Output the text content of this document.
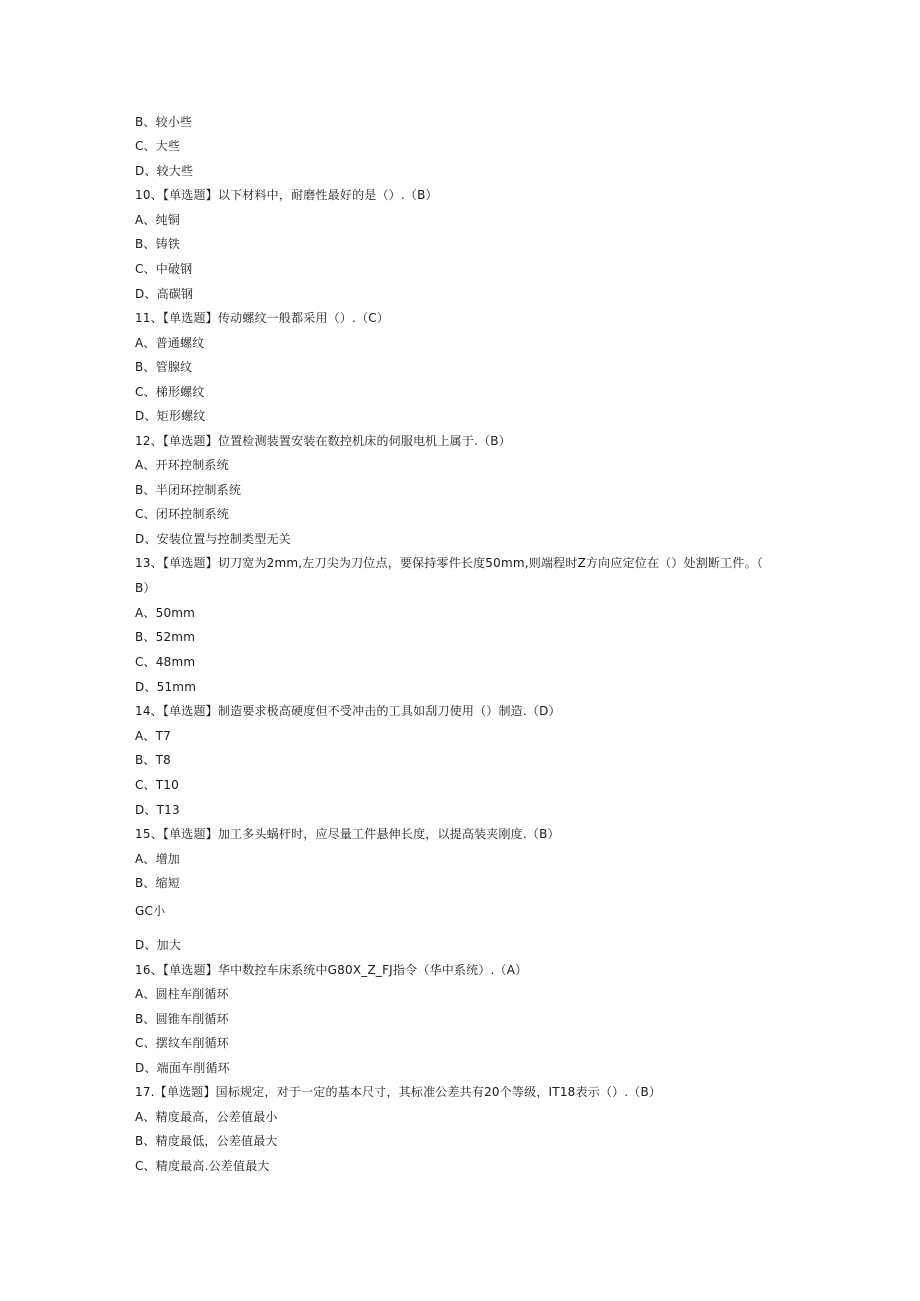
B、较小些
C、大些
D、较大些
10、【单选题】以下材料中，耐磨性最好的是（）.（B）
A、纯铜
B、铸铁
C、中破钢
D、高碳钢
11、【单选题】传动螺纹一般都采用（）.（C）
A、普通螺纹
B、管腺纹
C、梯形螺纹
D、矩形螺纹
12、【单选题】位置检测装置安装在数控机床的伺服电机上属于.（B）
A、开环控制系统
B、半闭环控制系统
C、闭环控制系统
D、安装位置与控制类型无关
13、【单选题】切刀宽为2mm,左刀尖为刀位点，要保持零件长度50mm,则端程时Z方向应定位在（）处割断工件。（
B）
A、50mm
B、52mm
C、48mm
D、51mm
14、【单选题】制造要求极高硬度但不受冲击的工具如刮刀使用（）制造.（D）
A、T7
B、T8
C、T10
D、T13
15、【单选题】加工多头蜗杆时，应尽量工件悬伸长度，以提高装夹刚度.（B）
A、增加
B、缩短
GC小
D、加大
16、【单选题】华中数控车床系统中G80X_Z_FJ指令（华中系统）.（A）
A、圆柱车削循环
B、圆锥车削循环
C、摆纹车削循环
D、端面车削循环
17.【单选题】国标规定，对于一定的基本尺寸，其标准公差共有20个等级，IT18表示（）.（B）
A、精度最高，公差值最小
B、精度最低，公差值最大
C、精度最高.公差值最大
